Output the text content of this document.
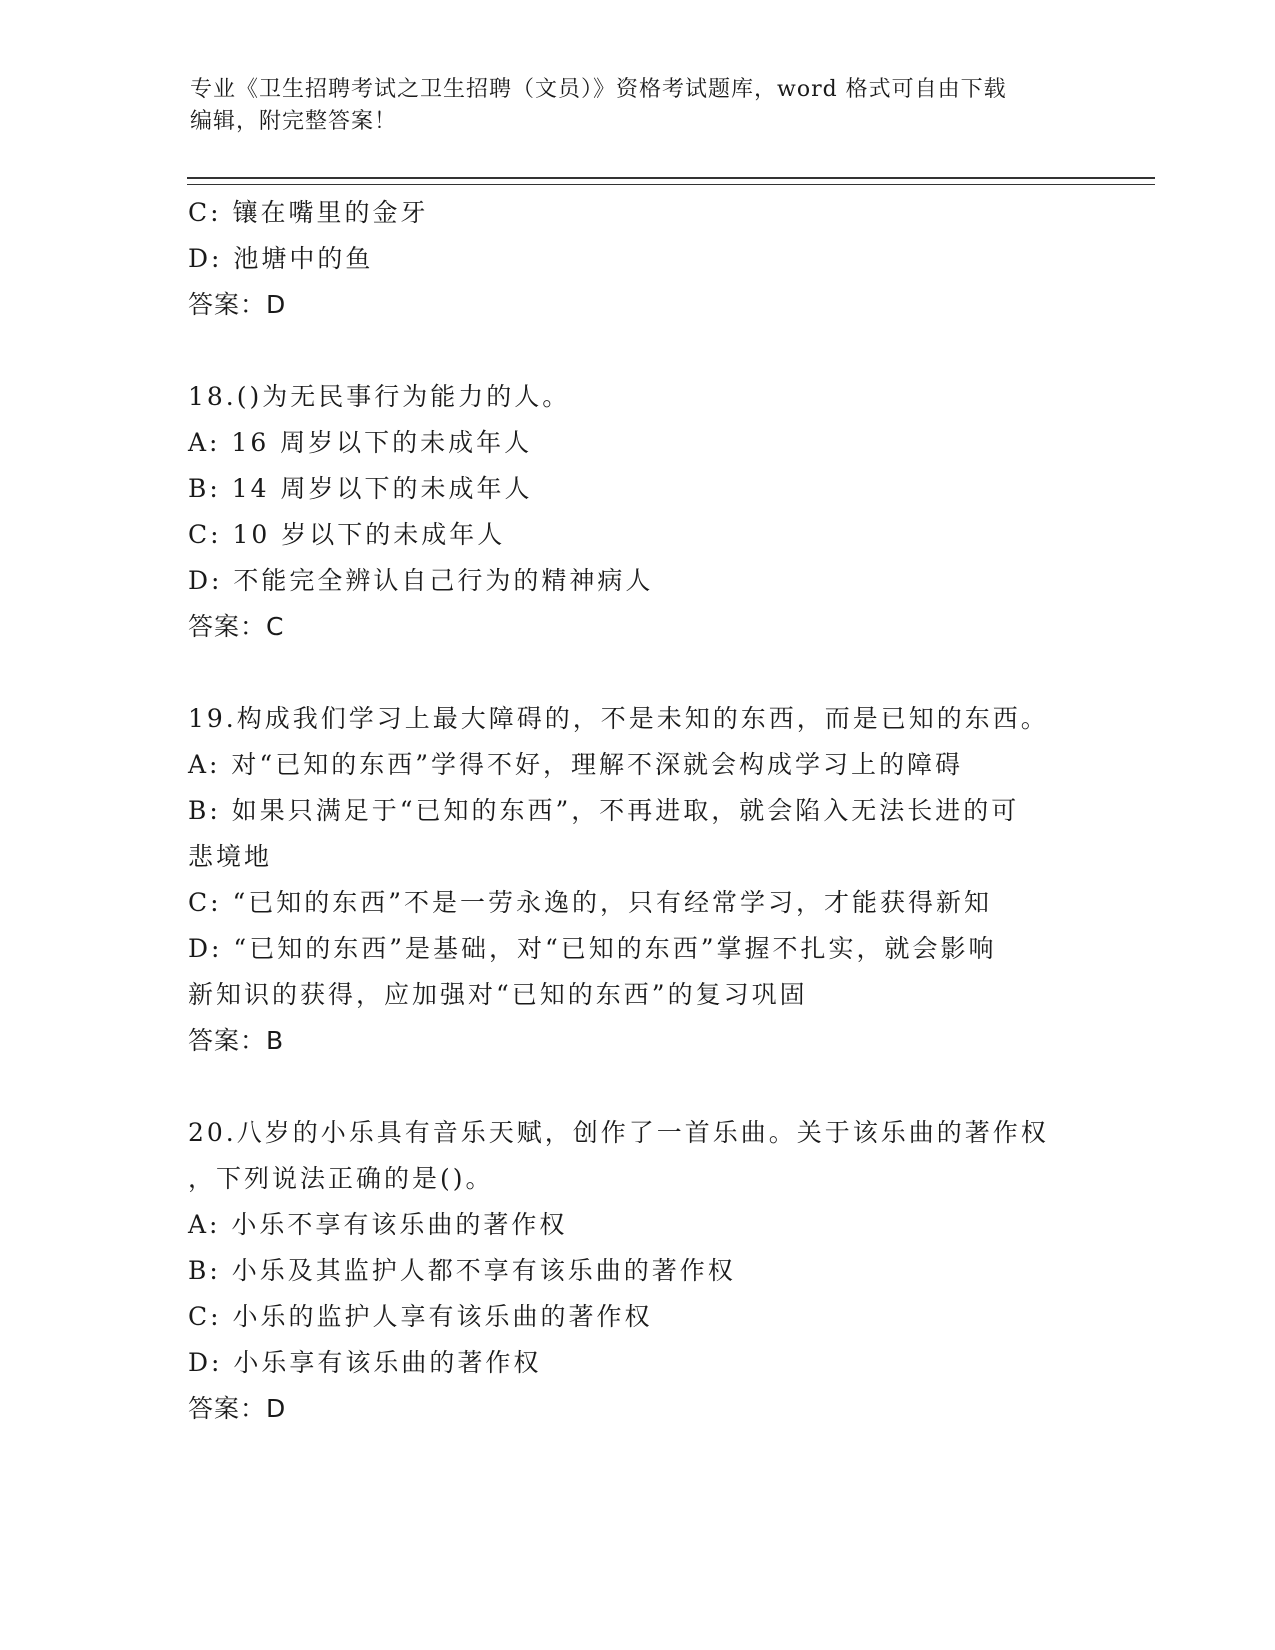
专业《卫生招聘考试之卫生招聘（文员）》资格考试题库，word 格式可自由下载
编辑，附完整答案！
C: 镶在嘴里的金牙
D: 池塘中的鱼
答案：D
18.()为无民事行为能力的人。
A: 16 周岁以下的未成年人
B: 14 周岁以下的未成年人
C: 10 岁以下的未成年人
D: 不能完全辨认自己行为的精神病人
答案：C
19.构成我们学习上最大障碍的，不是未知的东西，而是已知的东西。
A: 对“已知的东西”学得不好，理解不深就会构成学习上的障碍
B: 如果只满足于“已知的东西”，不再进取，就会陷入无法长进的可
悲境地
C: “已知的东西”不是一劳永逸的，只有经常学习，才能获得新知
D: “已知的东西”是基础，对“已知的东西”掌握不扎实，就会影响
新知识的获得，应加强对“已知的东西”的复习巩固
答案：B
20.八岁的小乐具有音乐天赋，创作了一首乐曲。关于该乐曲的著作权
，下列说法正确的是()。
A: 小乐不享有该乐曲的著作权
B: 小乐及其监护人都不享有该乐曲的著作权
C: 小乐的监护人享有该乐曲的著作权
D: 小乐享有该乐曲的著作权
答案：D
